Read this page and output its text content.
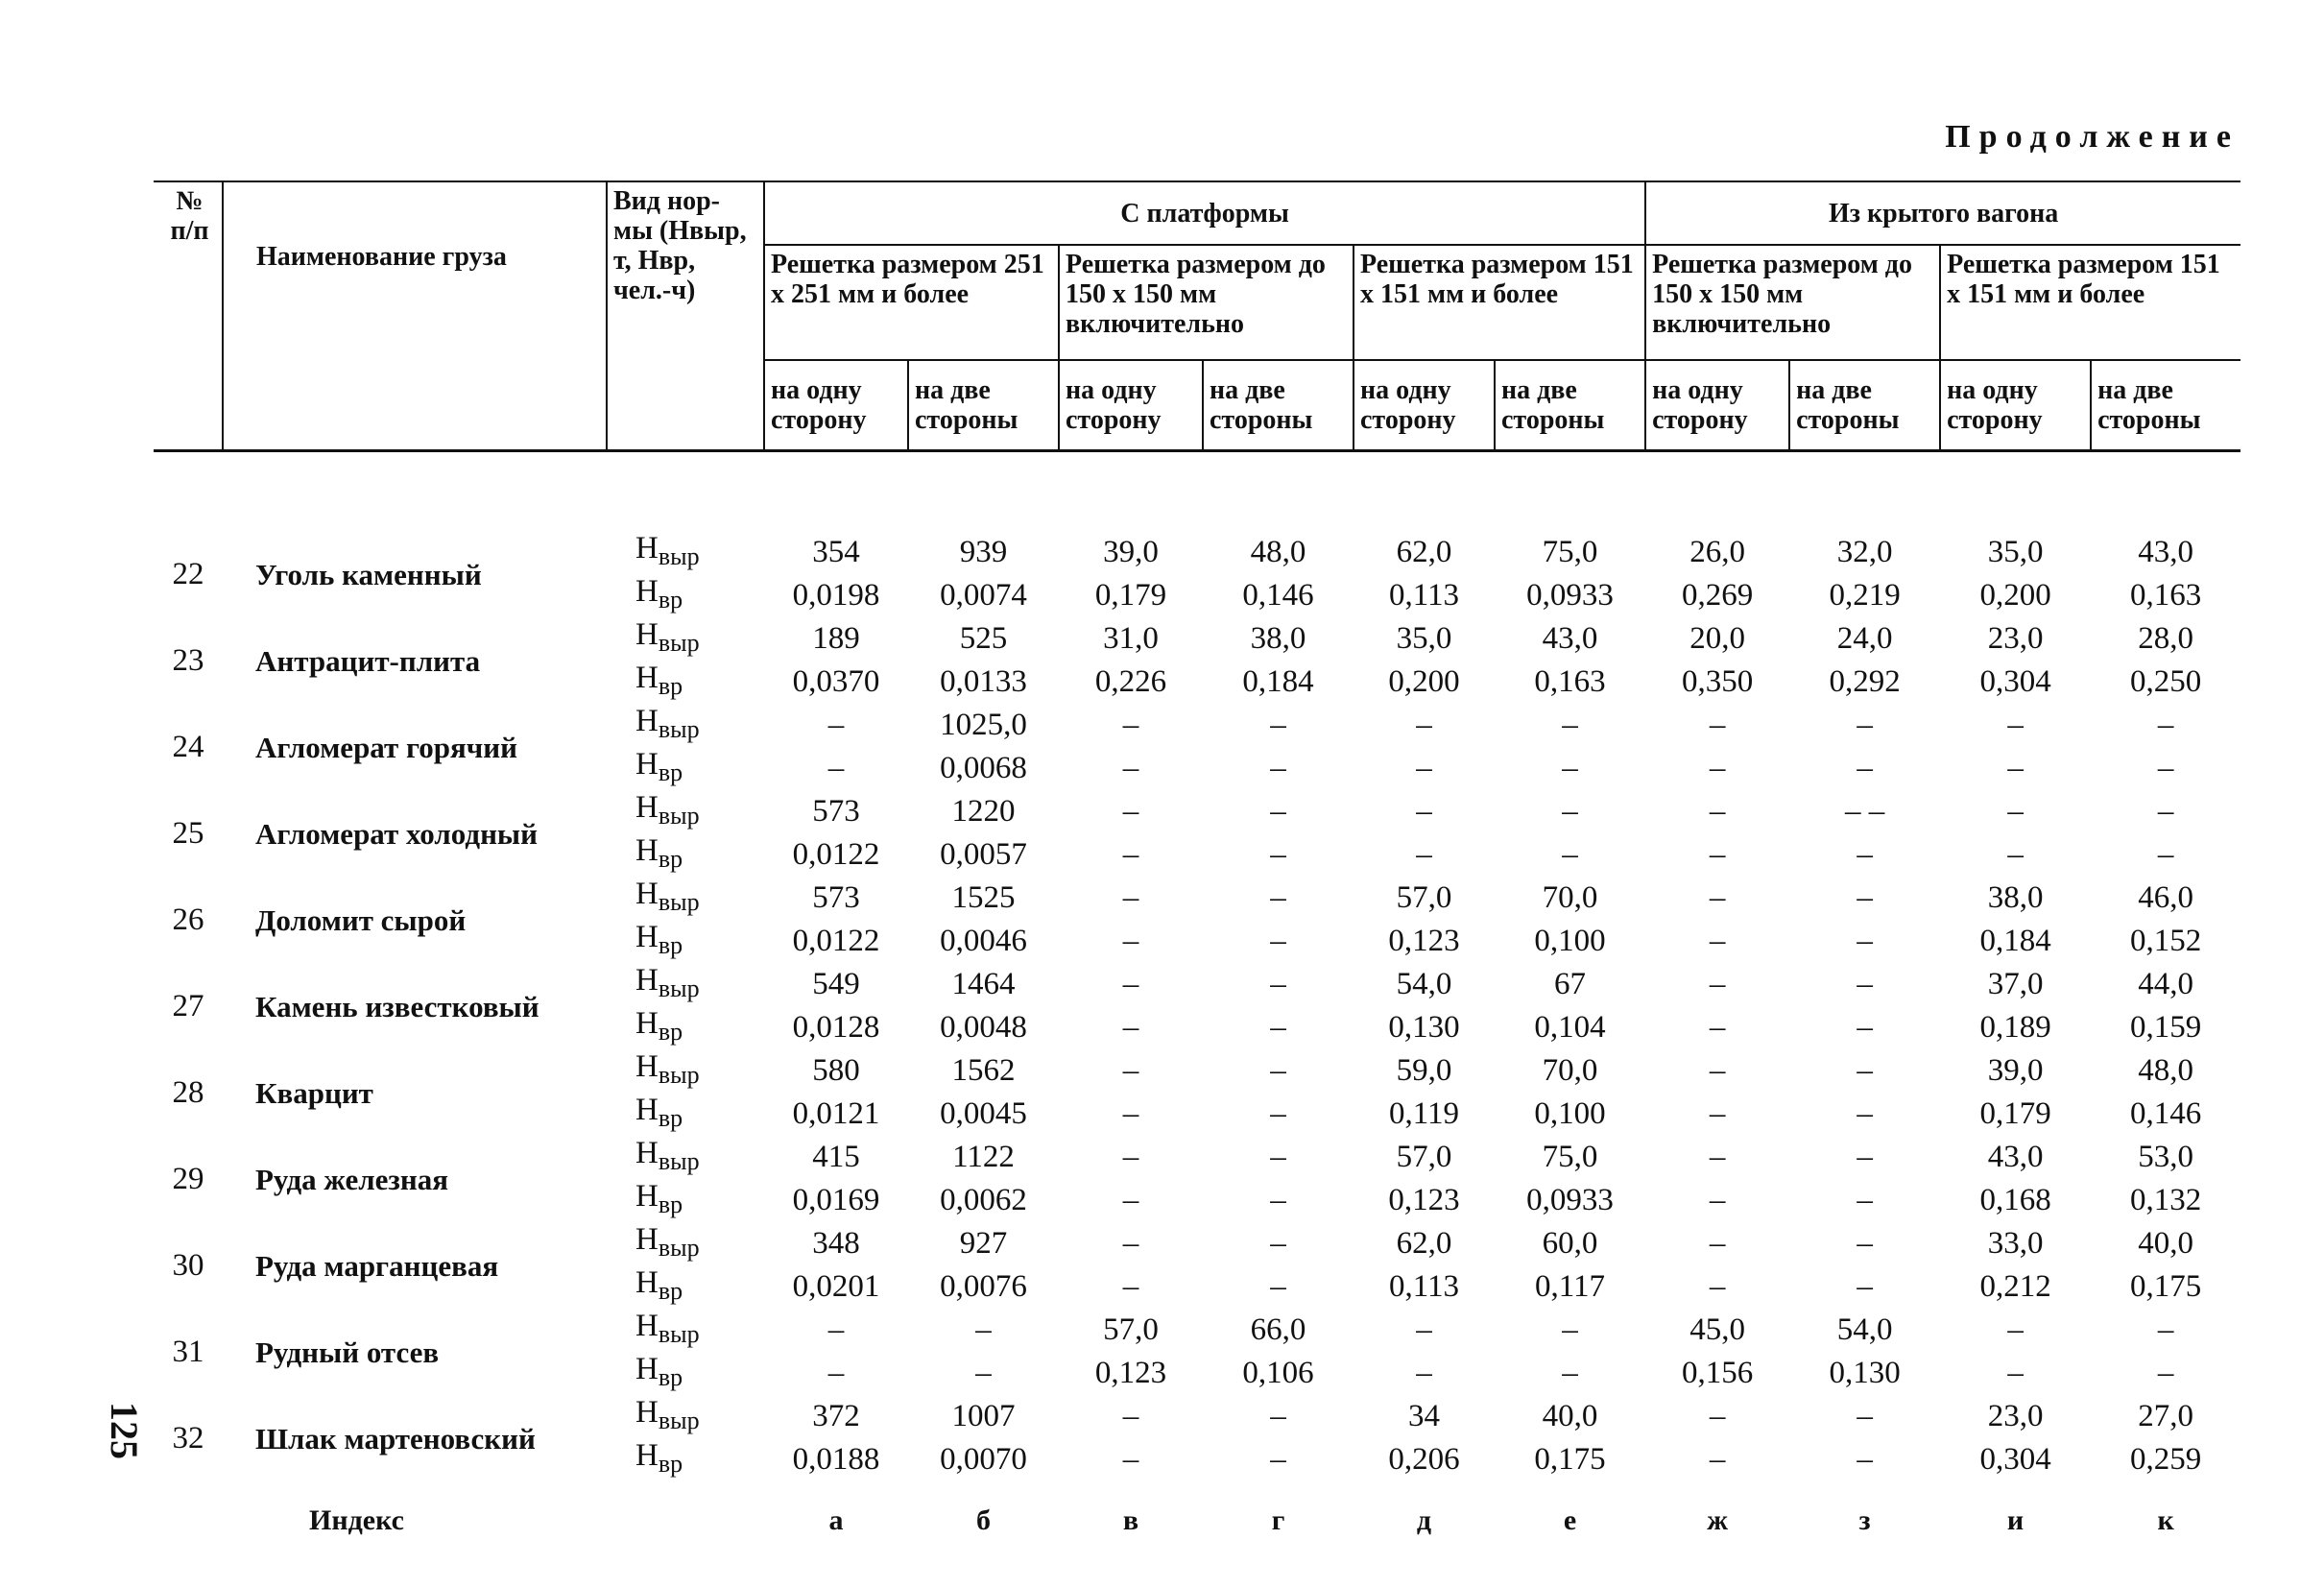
125
Продолжение
№ п/п	Наименование груза	Вид нор- мы (Нвыр, т, Нвр, чел.-ч)	С платформы						Из крытого вагона			
			Решетка размером 251 x 251 мм и более		Решетка размером до 150 x 150 мм включительно		Решетка размером 151 x 151 мм и более		Решетка размером до 150 x 150 мм включительно		Решетка размером 151 x 151 мм и более	
			на одну сторону	на две стороны	на одну сторону	на две стороны	на одну сторону	на две стороны	на одну сторону	на две стороны	на одну сторону	на две стороны

22	Уголь каменный	$Н_{выр}$	354	939	39,0	48,0	62,0	75,0	26,0	32,0	35,0	43,0
		$Н_{вр}$	0,0198	0,0074	0,179	0,146	0,113	0,0933	0,269	0,219	0,200	0,163
23	Антрацит-плита	$Н_{выр}$	189	525	31,0	38,0	35,0	43,0	20,0	24,0	23,0	28,0
		$Н_{вр}$	0,0370	0,0133	0,226	0,184	0,200	0,163	0,350	0,292	0,304	0,250
24	Агломерат горячий	$Н_{выр}$	–	1025,0	–	–	–	–	–	–	–	–
		$Н_{вр}$	–	0,0068	–	–	–	–	–	–	–	–
25	Агломерат холодный	$Н_{выр}$	573	1220	–	–	–	–	–	– –	–	–
		$Н_{вр}$	0,0122	0,0057	–	–	–	–	–	–	–	–
26	Доломит сырой	$Н_{выр}$	573	1525	–	–	57,0	70,0	–	–	38,0	46,0
		$Н_{вр}$	0,0122	0,0046	–	–	0,123	0,100	–	–	0,184	0,152
27	Камень известковый	$Н_{выр}$	549	1464	–	–	54,0	67	–	–	37,0	44,0
		$Н_{вр}$	0,0128	0,0048	–	–	0,130	0,104	–	–	0,189	0,159
28	Кварцит	$Н_{выр}$	580	1562	–	–	59,0	70,0	–	–	39,0	48,0
		$Н_{вр}$	0,0121	0,0045	–	–	0,119	0,100	–	–	0,179	0,146
29	Руда железная	$Н_{выр}$	415	1122	–	–	57,0	75,0	–	–	43,0	53,0
		$Н_{вр}$	0,0169	0,0062	–	–	0,123	0,0933	–	–	0,168	0,132
30	Руда марганцевая	$Н_{выр}$	348	927	–	–	62,0	60,0	–	–	33,0	40,0
		$Н_{вр}$	0,0201	0,0076	–	–	0,113	0,117	–	–	0,212	0,175
31	Рудный отсев	$Н_{выр}$	–	–	57,0	66,0	–	–	45,0	54,0	–	–
		$Н_{вр}$	–	–	0,123	0,106	–	–	0,156	0,130	–	–
32	Шлак мартеновский	$Н_{выр}$	372	1007	–	–	34	40,0	–	–	23,0	27,0
		$Н_{вр}$	0,0188	0,0070	–	–	0,206	0,175	–	–	0,304	0,259
	Индекс		а	б	в	г	д	е	ж	з	и	к
